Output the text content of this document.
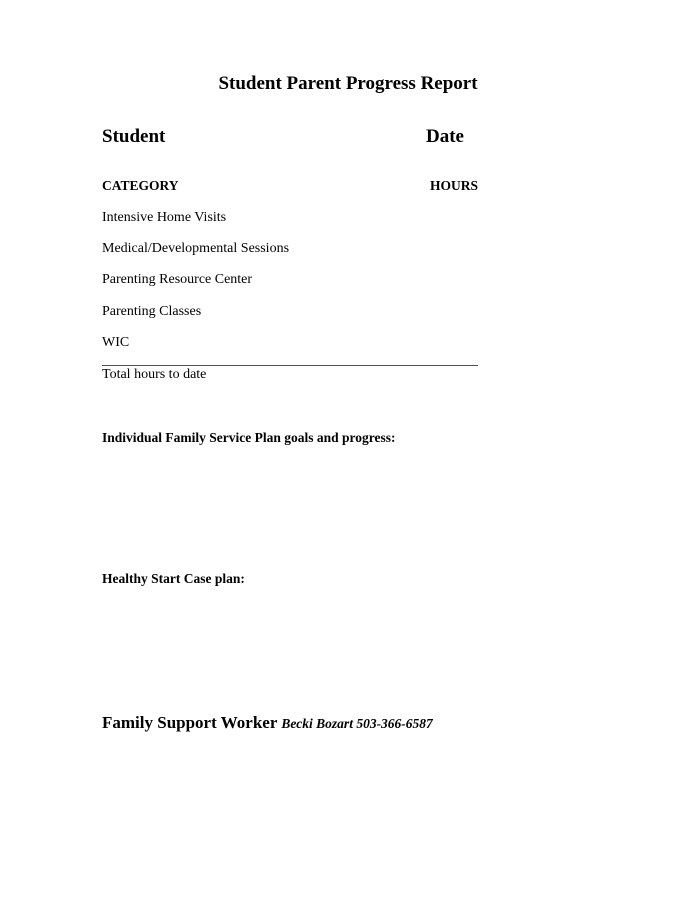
Student Parent Progress Report
Student	Date
CATEGORY	HOURS
Intensive Home Visits
Medical/Developmental Sessions
Parenting Resource Center
Parenting Classes
WIC
Total hours to date
Individual Family Service Plan goals and progress:
Healthy Start Case plan:
Family Support Worker Becki Bozart 503-366-6587
